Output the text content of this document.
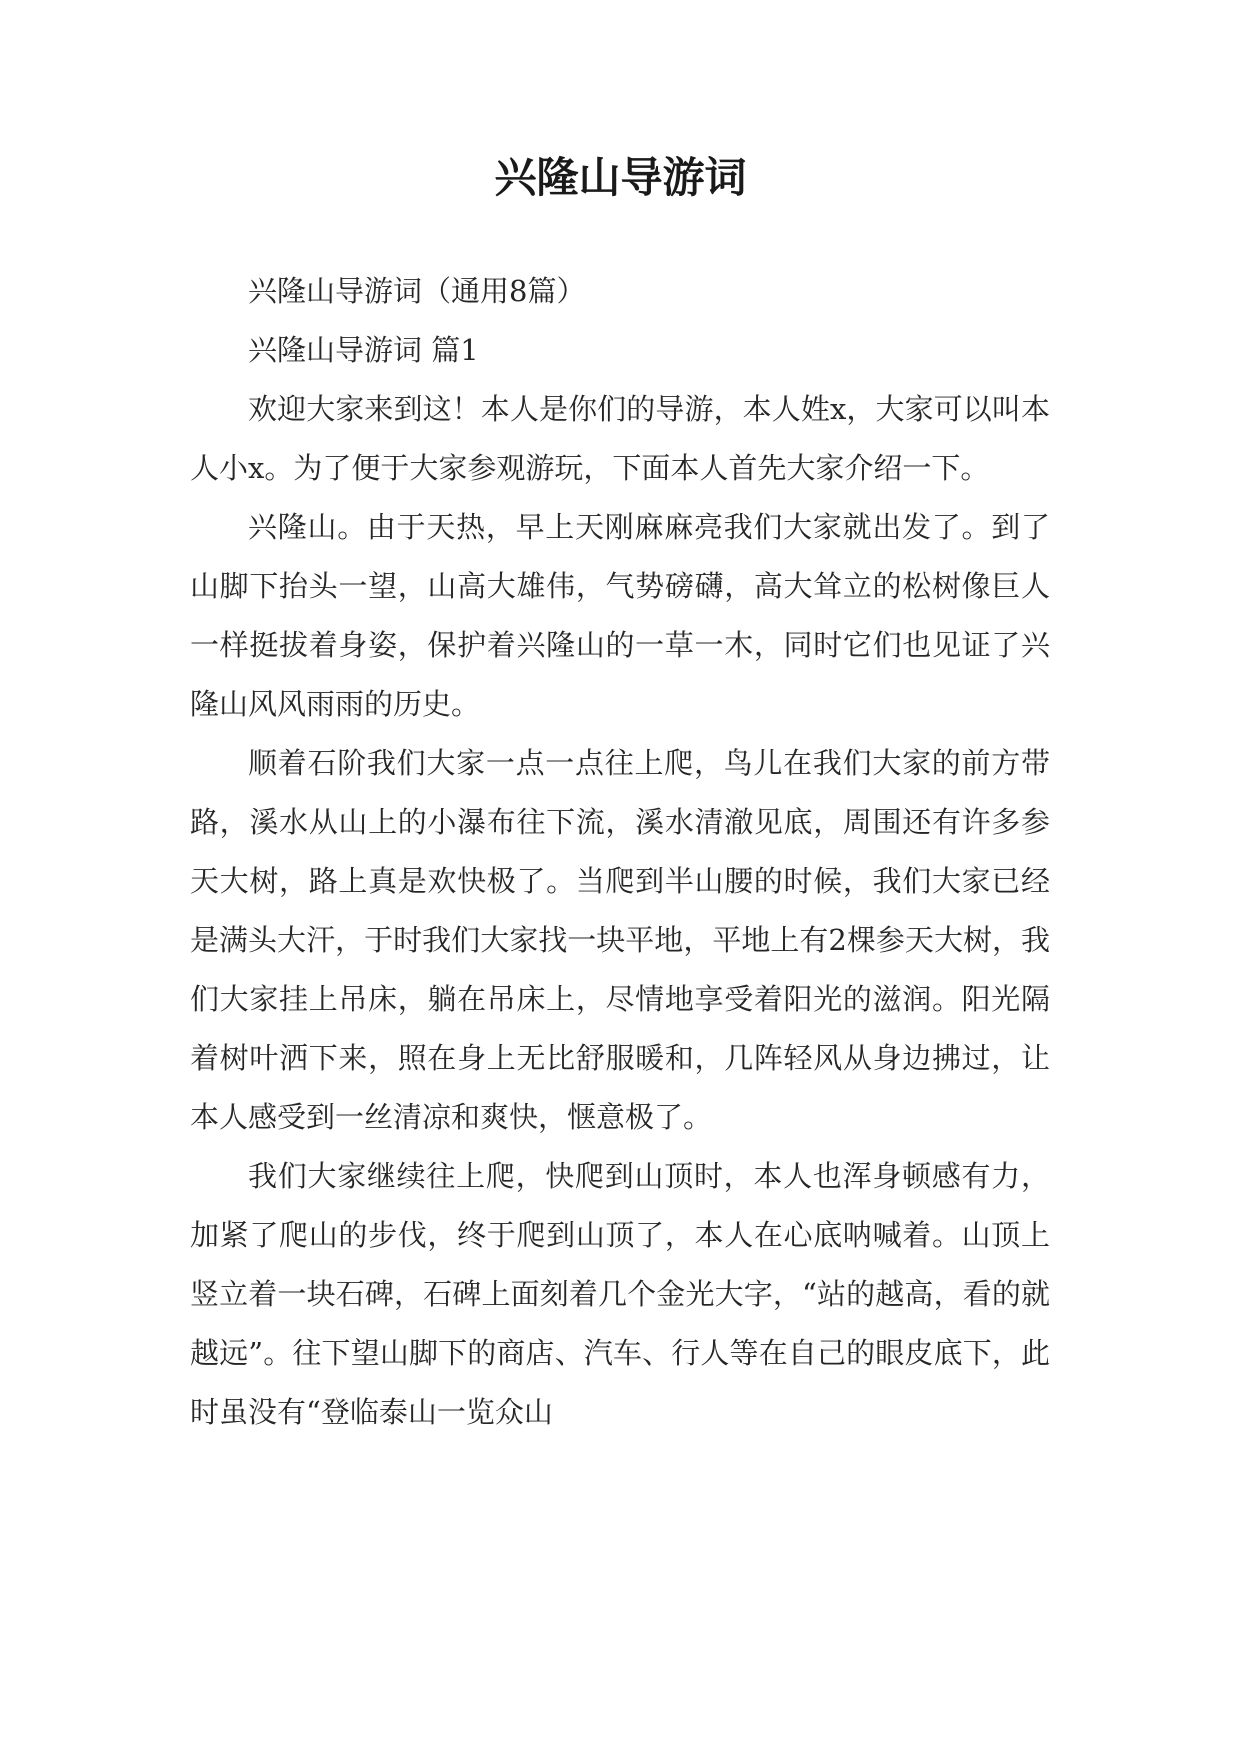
兴隆山导游词

兴隆山导游词（通用8篇）

兴隆山导游词 篇1

欢迎大家来到这！本人是你们的导游，本人姓x，大家可以叫本人小x。为了便于大家参观游玩，下面本人首先大家介绍一下。

兴隆山。由于天热，早上天刚麻麻亮我们大家就出发了。到了山脚下抬头一望，山高大雄伟，气势磅礴，高大耸立的松树像巨人一样挺拔着身姿，保护着兴隆山的一草一木，同时它们也见证了兴隆山风风雨雨的历史。

顺着石阶我们大家一点一点往上爬，鸟儿在我们大家的前方带路，溪水从山上的小瀑布往下流，溪水清澈见底，周围还有许多参天大树，路上真是欢快极了。当爬到半山腰的时候，我们大家已经是满头大汗，于时我们大家找一块平地，平地上有2棵参天大树，我们大家挂上吊床，躺在吊床上，尽情地享受着阳光的滋润。阳光隔着树叶洒下来，照在身上无比舒服暖和，几阵轻风从身边拂过，让本人感受到一丝清凉和爽快，惬意极了。

我们大家继续往上爬，快爬到山顶时，本人也浑身顿感有力，加紧了爬山的步伐，终于爬到山顶了，本人在心底呐喊着。山顶上竖立着一块石碑，石碑上面刻着几个金光大字，“站的越高，看的就越远”。往下望山脚下的商店、汽车、行人等在自己的眼皮底下，此时虽没有“登临泰山一览众山
